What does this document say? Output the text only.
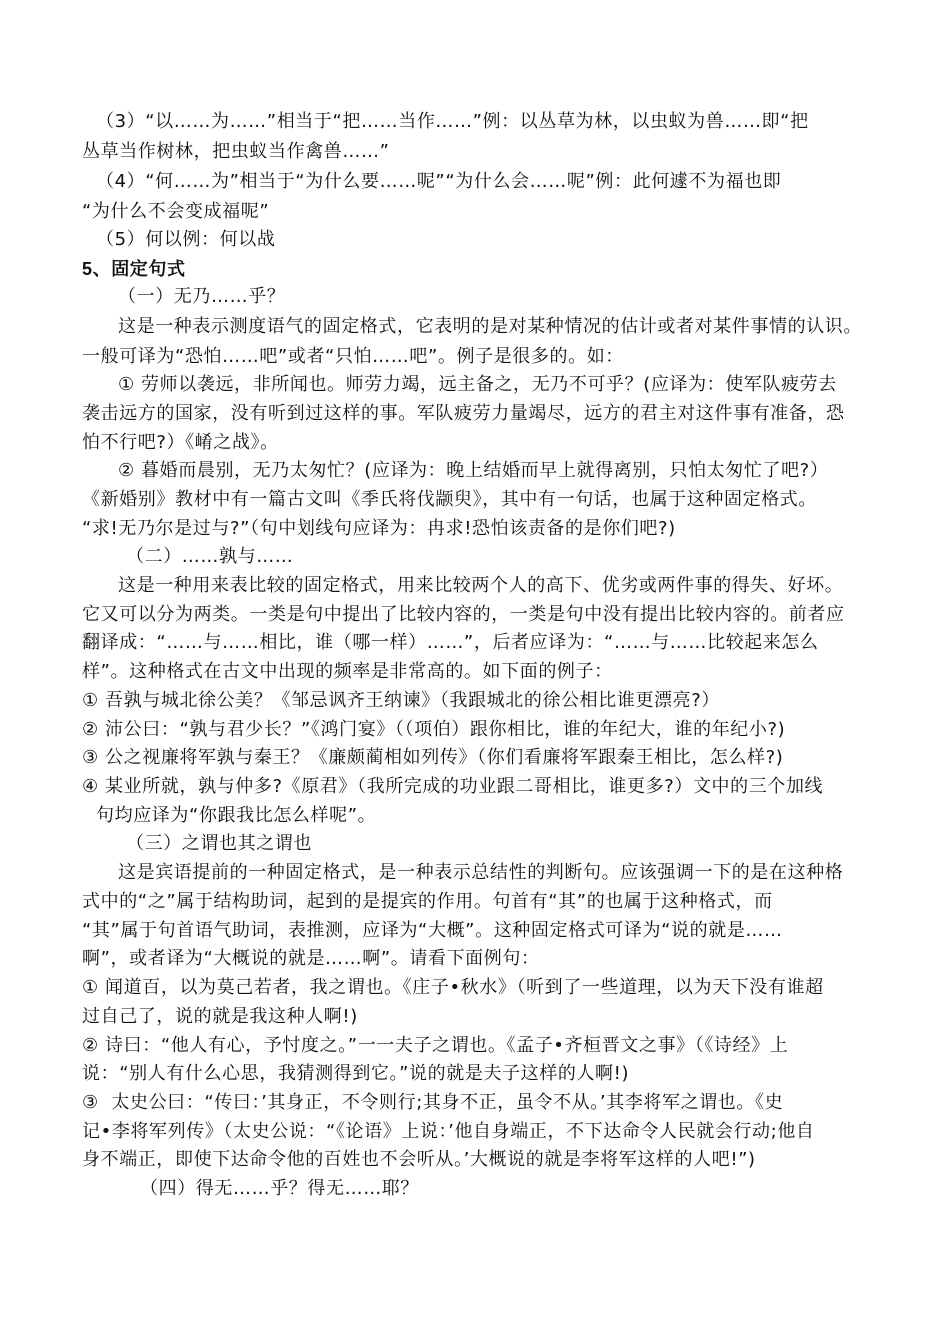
（3）“以……为……”相当于“把……当作……”例：以丛草为林，以虫蚁为兽……即“把
丛草当作树林，把虫蚁当作禽兽……”
（4）“何……为”相当于“为什么要……呢”“为什么会……呢”例：此何遽不为福也即
“为什么不会变成福呢”
（5）何以例：何以战
5、固定句式
（一）无乃……乎？
这是一种表示测度语气的固定格式，它表明的是对某种情况的估计或者对某件事情的认识。
一般可译为“恐怕……吧”或者“只怕……吧”。例子是很多的。如：
① 劳师以袭远，非所闻也。师劳力竭，远主备之，无乃不可乎？(应译为：使军队疲劳去
袭击远方的国家，没有听到过这样的事。军队疲劳力量竭尽，远方的君主对这件事有准备，恐
怕不行吧?）《崤之战》。
② 暮婚而晨别，无乃太匆忙？(应译为：晚上结婚而早上就得离别，只怕太匆忙了吧?）
《新婚别》教材中有一篇古文叫《季氏将伐颛臾》，其中有一句话，也属于这种固定格式。
“求!无乃尔是过与?”（句中划线句应译为：冉求!恐怕该责备的是你们吧?)
（二）……孰与……
这是一种用来表比较的固定格式，用来比较两个人的高下、优劣或两件事的得失、好坏。
它又可以分为两类。一类是句中提出了比较内容的，一类是句中没有提出比较内容的。前者应
翻译成：“……与……相比，谁（哪一样）……”，后者应译为：“……与……比较起来怎么
样”。这种格式在古文中出现的频率是非常高的。如下面的例子：
① 吾孰与城北徐公美？《邹忌讽齐王纳谏》（我跟城北的徐公相比谁更漂亮?）
② 沛公曰：“孰与君少长？”《鸿门宴》（（项伯）跟你相比，谁的年纪大，谁的年纪小?)
③ 公之视廉将军孰与秦王？《廉颇蔺相如列传》（你们看廉将军跟秦王相比，怎么样?)
④ 某业所就，孰与仲多?《原君》（我所完成的功业跟二哥相比，谁更多?）文中的三个加线
句均应译为“你跟我比怎么样呢”。
（三）之谓也其之谓也
这是宾语提前的一种固定格式，是一种表示总结性的判断句。应该强调一下的是在这种格
式中的“之”属于结构助词，起到的是提宾的作用。句首有“其”的也属于这种格式，而
“其”属于句首语气助词，表推测，应译为“大概”。这种固定格式可译为“说的就是……
啊”，或者译为“大概说的就是……啊”。请看下面例句：
① 闻道百，以为莫己若者，我之谓也。《庄子•秋水》（听到了一些道理，以为天下没有谁超
过自己了，说的就是我这种人啊!)
② 诗曰：“他人有心，予忖度之。”一一夫子之谓也。《孟子•齐桓晋文之事》（《诗经》上
说：“别人有什么心思，我猜测得到它。”说的就是夫子这样的人啊!)
③  太史公曰：“传曰：’其身正，不令则行;其身不正，虽令不从。’其李将军之谓也。《史
记•李将军列传》（太史公说：“《论语》上说：’他自身端正，不下达命令人民就会行动;他自
身不端正，即使下达命令他的百姓也不会听从。’大概说的就是李将军这样的人吧!”)
（四）得无……乎？得无……耶？
